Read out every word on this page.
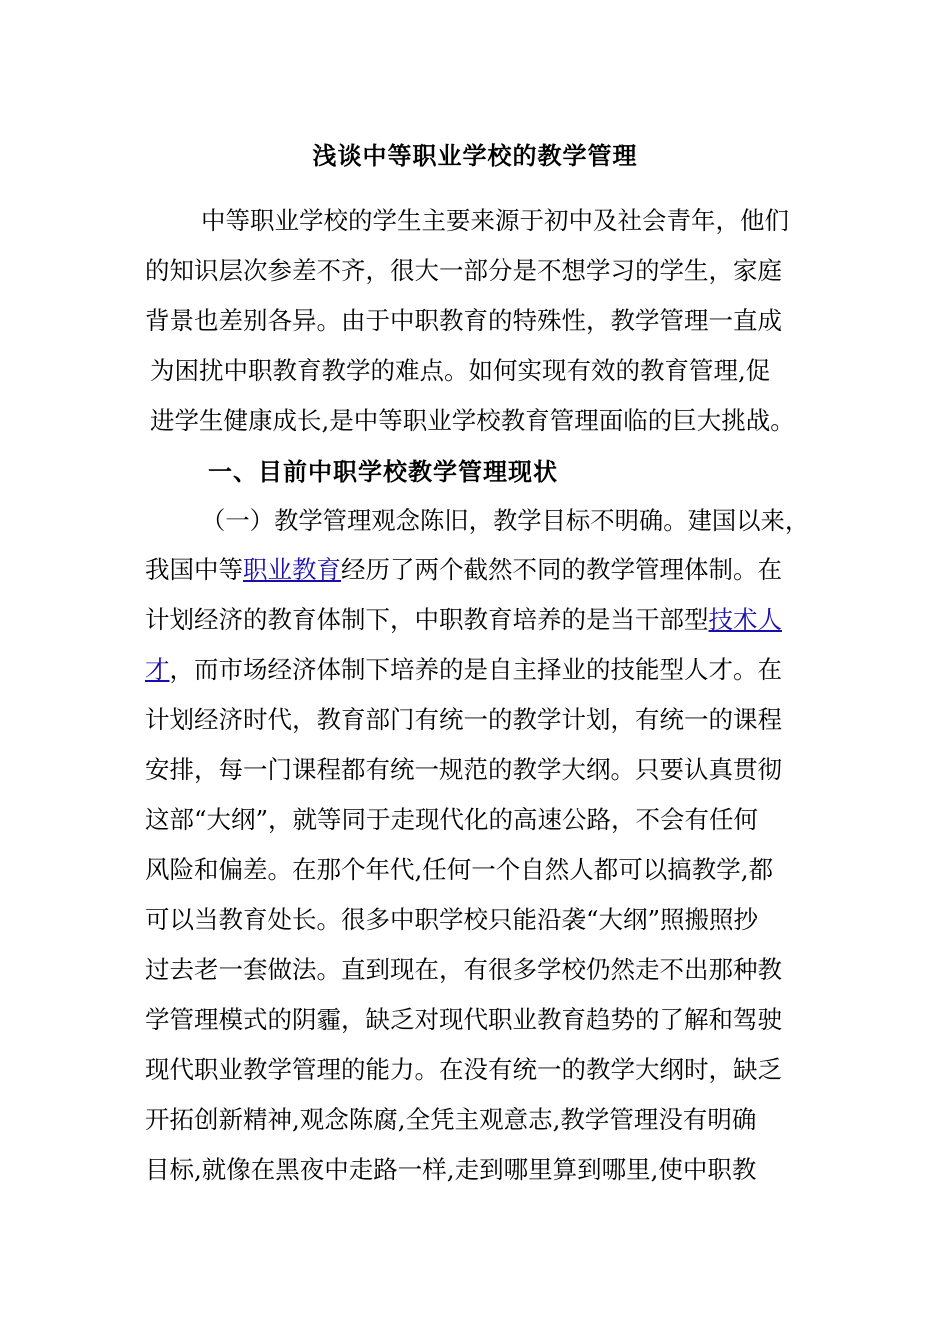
浅谈中等职业学校的教学管理
中等职业学校的学生主要来源于初中及社会青年，他们
的知识层次参差不齐，很大一部分是不想学习的学生，家庭
背景也差别各异。由于中职教育的特殊性，教学管理一直成
为困扰中职教育教学的难点。如何实现有效的教育管理,促
进学生健康成长,是中等职业学校教育管理面临的巨大挑战。
一、目前中职学校教学管理现状
（一）教学管理观念陈旧，教学目标不明确。建国以来，
我国中等职业教育经历了两个截然不同的教学管理体制。在
计划经济的教育体制下，中职教育培养的是当干部型技术人
才，而市场经济体制下培养的是自主择业的技能型人才。在
计划经济时代，教育部门有统一的教学计划，有统一的课程
安排，每一门课程都有统一规范的教学大纲。只要认真贯彻
这部“大纲”，就等同于走现代化的高速公路，不会有任何
风险和偏差。在那个年代,任何一个自然人都可以搞教学,都
可以当教育处长。很多中职学校只能沿袭“大纲”照搬照抄
过去老一套做法。直到现在，有很多学校仍然走不出那种教
学管理模式的阴霾，缺乏对现代职业教育趋势的了解和驾驶
现代职业教学管理的能力。在没有统一的教学大纲时，缺乏
开拓创新精神,观念陈腐,全凭主观意志,教学管理没有明确
目标,就像在黑夜中走路一样,走到哪里算到哪里,使中职教
